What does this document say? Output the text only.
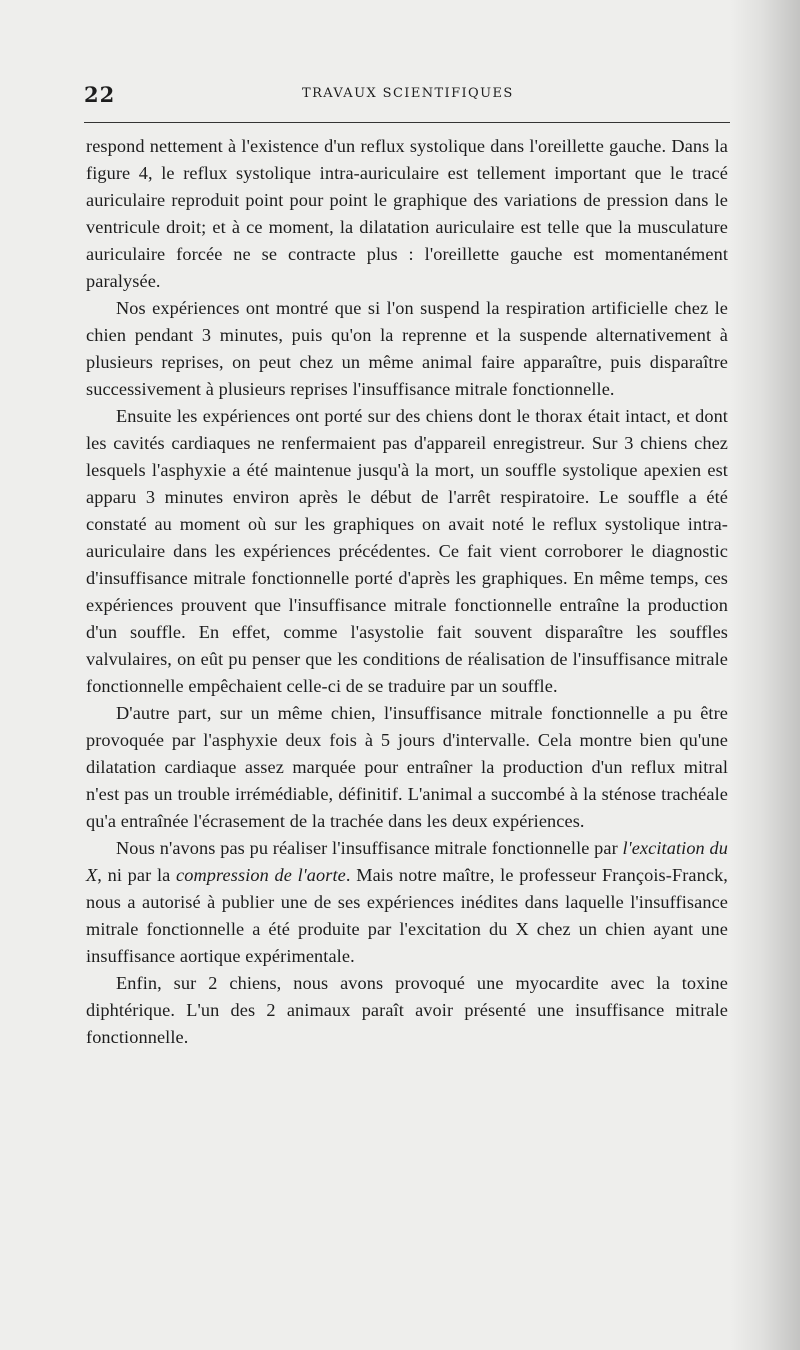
22	TRAVAUX SCIENTIFIQUES

respond nettement à l'existence d'un reflux systolique dans l'oreillette gauche. Dans la figure 4, le reflux systolique intra-auriculaire est tellement important que le tracé auriculaire reproduit point pour point le graphique des variations de pression dans le ventricule droit; et à ce moment, la dilatation auriculaire est telle que la musculature auriculaire forcée ne se contracte plus : l'oreillette gauche est momentanément paralysée.

Nos expériences ont montré que si l'on suspend la respiration artificielle chez le chien pendant 3 minutes, puis qu'on la reprenne et la suspende alternativement à plusieurs reprises, on peut chez un même animal faire apparaître, puis disparaître successivement à plusieurs reprises l'insuffisance mitrale fonctionnelle.

Ensuite les expériences ont porté sur des chiens dont le thorax était intact, et dont les cavités cardiaques ne renfermaient pas d'appareil enregistreur. Sur 3 chiens chez lesquels l'asphyxie a été maintenue jusqu'à la mort, un souffle systolique apexien est apparu 3 minutes environ après le début de l'arrêt respiratoire. Le souffle a été constaté au moment où sur les graphiques on avait noté le reflux systolique intra-auriculaire dans les expériences précédentes. Ce fait vient corroborer le diagnostic d'insuffisance mitrale fonctionnelle porté d'après les graphiques. En même temps, ces expériences prouvent que l'insuffisance mitrale fonctionnelle entraîne la production d'un souffle. En effet, comme l'asystolie fait souvent disparaître les souffles valvulaires, on eût pu penser que les conditions de réalisation de l'insuffisance mitrale fonctionnelle empêchaient celle-ci de se traduire par un souffle.

D'autre part, sur un même chien, l'insuffisance mitrale fonctionnelle a pu être provoquée par l'asphyxie deux fois à 5 jours d'intervalle. Cela montre bien qu'une dilatation cardiaque assez marquée pour entraîner la production d'un reflux mitral n'est pas un trouble irrémédiable, définitif. L'animal a succombé à la sténose trachéale qu'a entraînée l'écrasement de la trachée dans les deux expériences.

Nous n'avons pas pu réaliser l'insuffisance mitrale fonctionnelle par l'excitation du X, ni par la compression de l'aorte. Mais notre maître, le professeur François-Franck, nous a autorisé à publier une de ses expériences inédites dans laquelle l'insuffisance mitrale fonctionnelle a été produite par l'excitation du X chez un chien ayant une insuffisance aortique expérimentale.

Enfin, sur 2 chiens, nous avons provoqué une myocardite avec la toxine diphtérique. L'un des 2 animaux paraît avoir présenté une insuffisance mitrale fonctionnelle.
